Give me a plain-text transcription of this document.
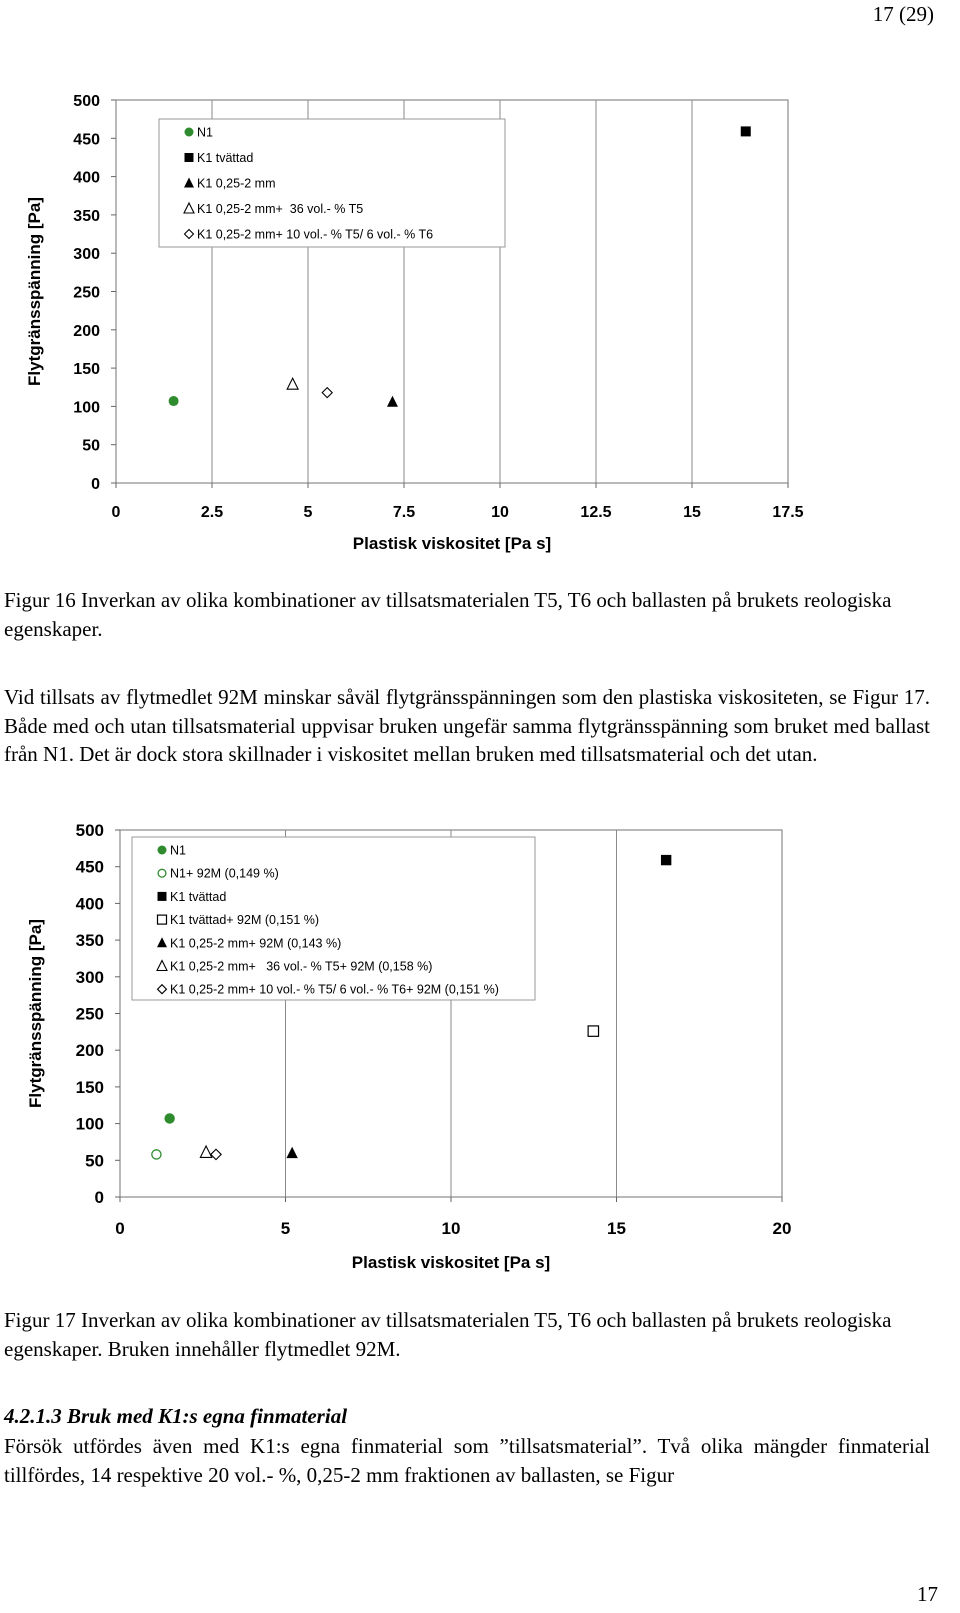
17 (29)
0
50
100
150
200
250
300
350
400
450
500
0	2.5	5	7.5	10	12.5	15	17.5
Plastisk viskositet [Pa s]
Flytgränsspänning [Pa]
N1
K1 tvättad
K1 0,25-2 mm
K1 0,25-2 mm+  36 vol.- % T5
K1 0,25-2 mm+ 10 vol.- % T5/ 6 vol.- % T6
Figur 16 Inverkan av olika kombinationer av tillsatsmaterialen T5, T6 och ballasten på brukets reologiska egenskaper.
Vid tillsats av flytmedlet 92M minskar såväl flytgränsspänningen som den plastiska viskositeten, se Figur 17. Både med och utan tillsatsmaterial uppvisar bruken ungefär samma flytgränsspänning som bruket med ballast från N1. Det är dock stora skillnader i viskositet mellan bruken med tillsatsmaterial och det utan.
0
50
100
150
200
250
300
350
400
450
500
0	5	10	15	20
Plastisk viskositet [Pa s]
Flytgränsspänning [Pa]
N1
N1+ 92M (0,149 %)
K1 tvättad
K1 tvättad+ 92M (0,151 %)
K1 0,25-2 mm+ 92M (0,143 %)
K1 0,25-2 mm+   36 vol.- % T5+ 92M (0,158 %)
K1 0,25-2 mm+ 10 vol.- % T5/ 6 vol.- % T6+ 92M (0,151 %)
Figur 17 Inverkan av olika kombinationer av tillsatsmaterialen T5, T6 och ballasten på brukets reologiska egenskaper. Bruken innehåller flytmedlet 92M.
4.2.1.3 Bruk med K1:s egna finmaterial
Försök utfördes även med K1:s egna finmaterial som ”tillsatsmaterial”. Två olika mängder finmaterial tillfördes, 14 respektive 20 vol.- %, 0,25-2 mm fraktionen av ballasten, se Figur
17
